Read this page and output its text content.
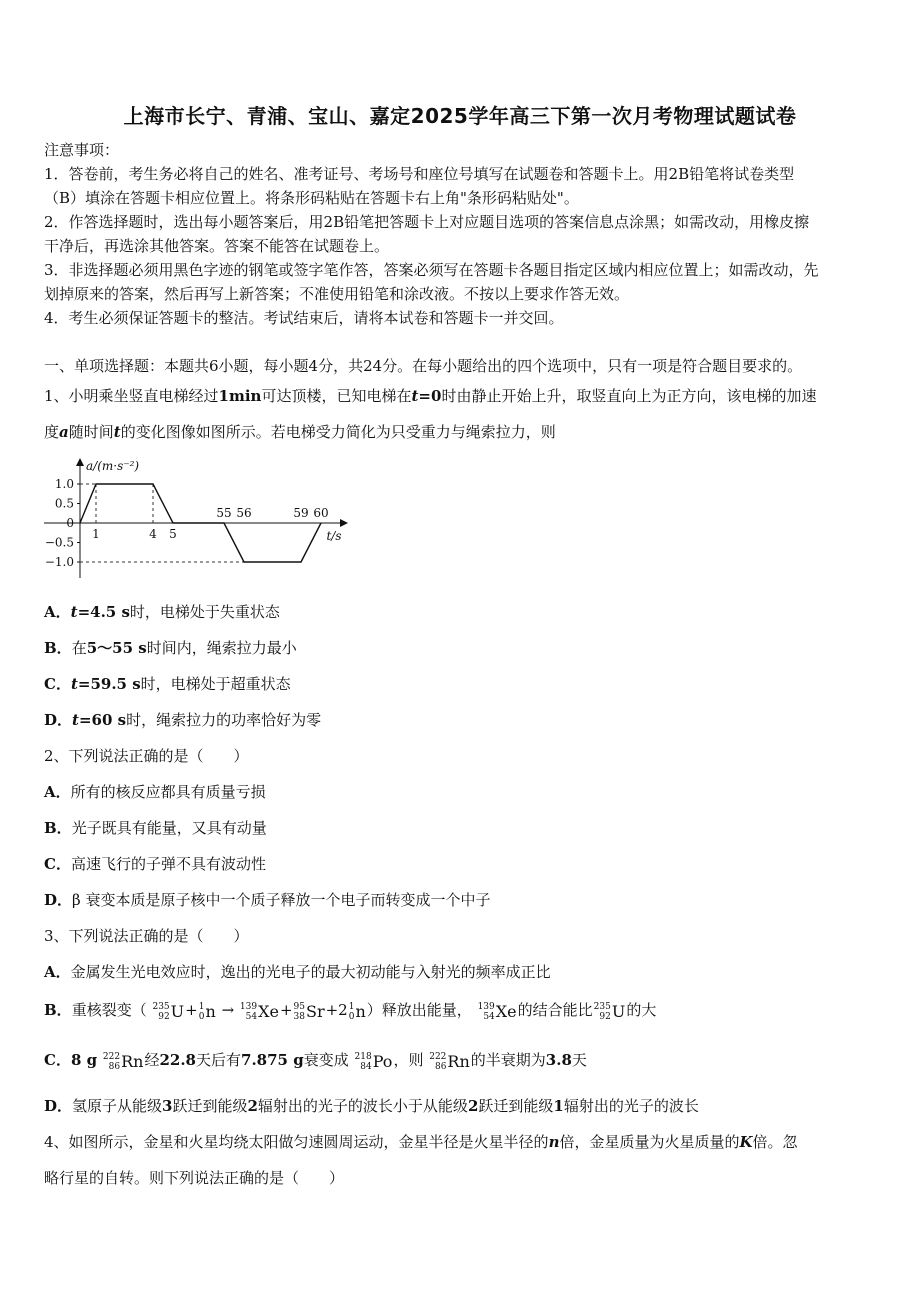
上海市长宁、青浦、宝山、嘉定2025学年高三下第一次月考物理试题试卷
注意事项：
1．答卷前，考生务必将自己的姓名、准考证号、考场号和座位号填写在试题卷和答题卡上。用2B铅笔将试卷类型
（B）填涂在答题卡相应位置上。将条形码粘贴在答题卡右上角"条形码粘贴处"。
2．作答选择题时，选出每小题答案后，用2B铅笔把答题卡上对应题目选项的答案信息点涂黑；如需改动，用橡皮擦
干净后，再选涂其他答案。答案不能答在试题卷上。
3．非选择题必须用黑色字迹的钢笔或签字笔作答，答案必须写在答题卡各题目指定区域内相应位置上；如需改动，先
划掉原来的答案，然后再写上新答案；不准使用铅笔和涂改液。不按以上要求作答无效。
4．考生必须保证答题卡的整洁。考试结束后，请将本试卷和答题卡一并交回。
一、单项选择题：本题共6小题，每小题4分，共24分。在每小题给出的四个选项中，只有一项是符合题目要求的。
1、小明乘坐竖直电梯经过1min可达顶楼，已知电梯在t=0时由静止开始上升，取竖直向上为正方向，该电梯的加速
度a随时间t的变化图像如图所示。若电梯受力简化为只受重力与绳索拉力，则
a/(m·s⁻²)
t/s
1.0
0.5
0
−0.5
−1.0
1	4 5
55 56	59 60
A．t=4.5 s时，电梯处于失重状态
B．在5～55 s时间内，绳索拉力最小
C．t=59.5 s时，电梯处于超重状态
D．t=60 s时，绳索拉力的功率恰好为零
2、下列说法正确的是（　　）
A．所有的核反应都具有质量亏损
B．光子既具有能量，又具有动量
C．高速飞行的子弹不具有波动性
D．β 衰变本质是原子核中一个质子释放一个电子而转变成一个中子
3、下列说法正确的是（　　）
A．金属发生光电效应时，逸出的光电子的最大初动能与入射光的频率成正比
B．重核裂变（ 235
92 U+ 1
0 n → 139
54 Xe+ 95
38 Sr+2 1
0 n）释放出能量， 139
54 Xe的结合能比 235
92 U的大
C．8 g 222
86 Rn经22.8天后有7.875 g衰变成 218
84 Po，则 222
86 Rn的半衰期为3.8天
D．氢原子从能级3跃迁到能级2辐射出的光子的波长小于从能级2跃迁到能级1辐射出的光子的波长
4、如图所示，金星和火星均绕太阳做匀速圆周运动，金星半径是火星半径的n倍，金星质量为火星质量的K倍。忽
略行星的自转。则下列说法正确的是（　　）
